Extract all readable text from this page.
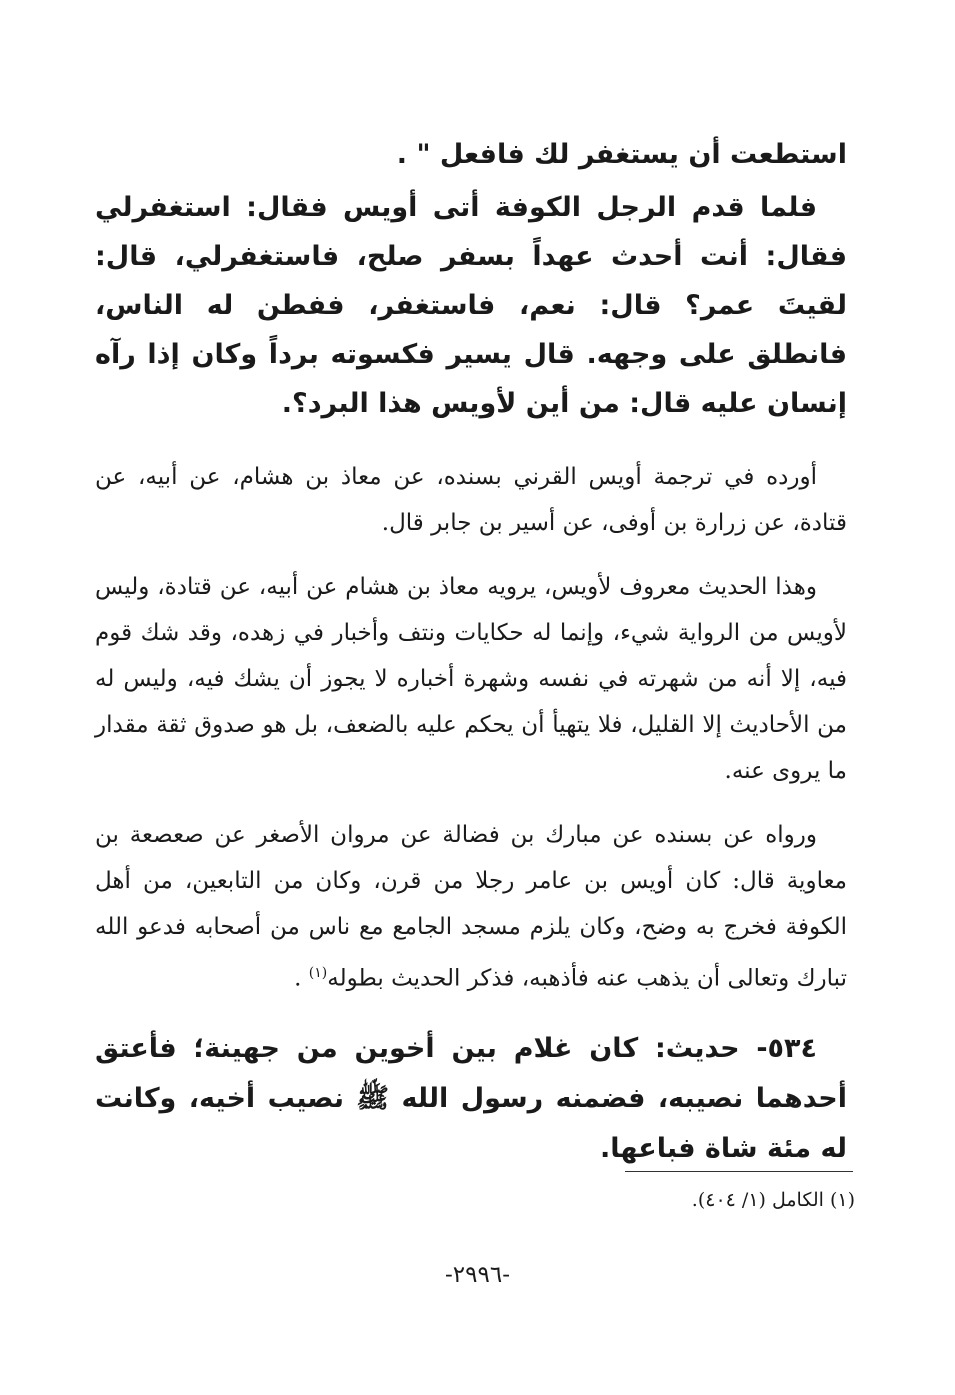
استطعت أن يستغفر لك فافعل " .

فلما قدم الرجل الكوفة أتى أويس فقال: استغفرلي فقال: أنت أحدث عهداً بسفر صلح، فاستغفرلي، قال: لقيتَ عمر؟ قال: نعم، فاستغفر، ففطن له الناس، فانطلق على وجهه. قال يسير فكسوته برداً وكان إذا رآه إنسان عليه قال: من أين لأويس هذا البرد؟.

أورده في ترجمة أويس القرني بسنده، عن معاذ بن هشام، عن أبيه، عن قتادة، عن زرارة بن أوفى، عن أسير بن جابر قال.

وهذا الحديث معروف لأويس، يرويه معاذ بن هشام عن أبيه، عن قتادة، وليس لأويس من الرواية شيء، وإنما له حكايات ونتف وأخبار في زهده، وقد شك قوم فيه، إلا أنه من شهرته في نفسه وشهرة أخباره لا يجوز أن يشك فيه، وليس له من الأحاديث إلا القليل، فلا يتهيأ أن يحكم عليه بالضعف، بل هو صدوق ثقة مقدار ما يروى عنه.

ورواه عن بسنده عن مبارك بن فضالة عن مروان الأصغر عن صعصعة بن معاوية قال: كان أويس بن عامر رجلا من قرن، وكان من التابعين، من أهل الكوفة فخرج به وضح، وكان يلزم مسجد الجامع مع ناس من أصحابه فدعو الله تبارك وتعالى أن يذهب عنه فأذهبه، فذكر الحديث بطوله$^{(١)}$ .

٥٣٤- حديث: كان غلام بين أخوين من جهينة؛ فأعتق أحدهما نصيبه، فضمنه رسول الله ﷺ نصيب أخيه، وكانت له مئة شاة فباعها.

(١) الكامل (١/ ٤٠٤).
-٢٩٩٦-
